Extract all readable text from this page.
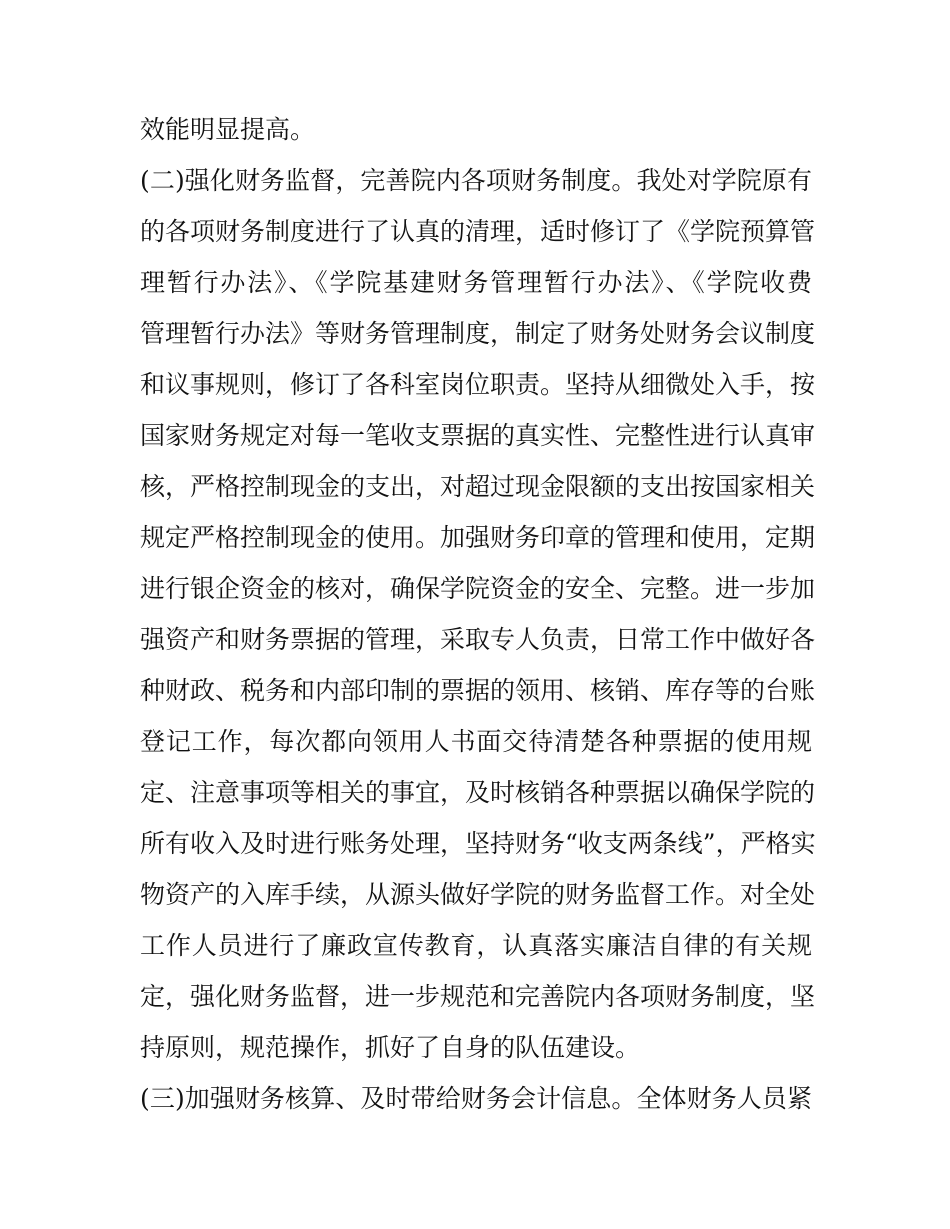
效能明显提高。
(二)强化财务监督，完善院内各项财务制度。我处对学院原有
的各项财务制度进行了认真的清理，适时修订了《学院预算管
理暂行办法》、《学院基建财务管理暂行办法》、《学院收费
管理暂行办法》等财务管理制度，制定了财务处财务会议制度
和议事规则，修订了各科室岗位职责。坚持从细微处入手，按
国家财务规定对每一笔收支票据的真实性、完整性进行认真审
核，严格控制现金的支出，对超过现金限额的支出按国家相关
规定严格控制现金的使用。加强财务印章的管理和使用，定期
进行银企资金的核对，确保学院资金的安全、完整。进一步加
强资产和财务票据的管理，采取专人负责，日常工作中做好各
种财政、税务和内部印制的票据的领用、核销、库存等的台账
登记工作，每次都向领用人书面交待清楚各种票据的使用规
定、注意事项等相关的事宜，及时核销各种票据以确保学院的
所有收入及时进行账务处理，坚持财务“收支两条线”，严格实
物资产的入库手续，从源头做好学院的财务监督工作。对全处
工作人员进行了廉政宣传教育，认真落实廉洁自律的有关规
定，强化财务监督，进一步规范和完善院内各项财务制度，坚
持原则，规范操作，抓好了自身的队伍建设。
(三)加强财务核算、及时带给财务会计信息。全体财务人员紧
